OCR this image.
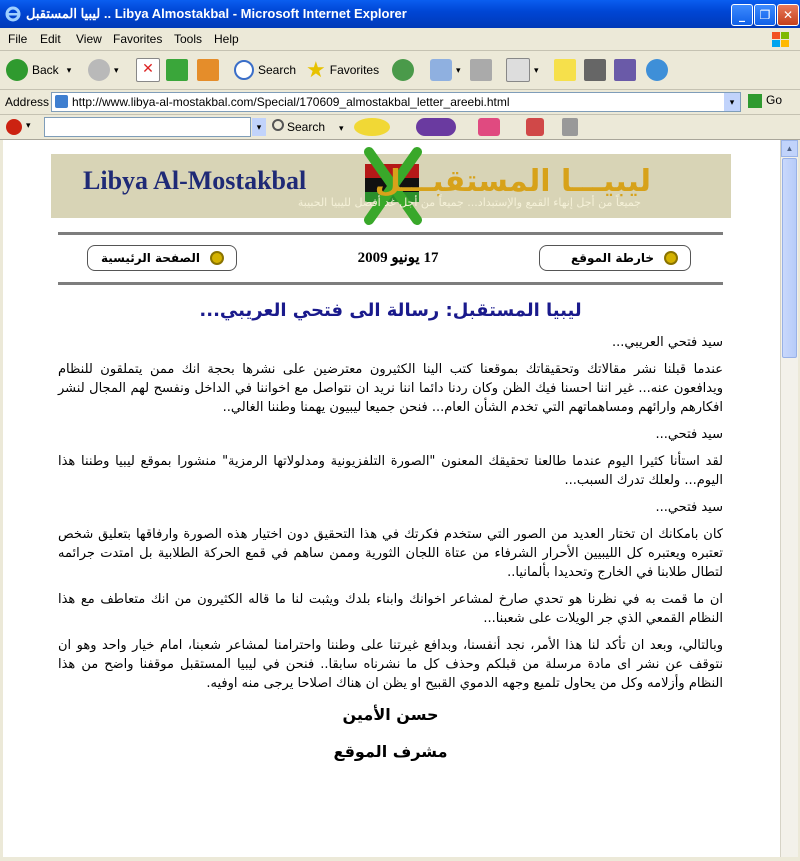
ليبيا المستقبل .. Libya Almostakbal - Microsoft Internet Explorer	_	❐	✕
File Edit View Favorites Tools Help
Back ▾	▾	✕	Search ★ Favorites	▾	▾
Address http://www.libya-al-mostakbal.com/Special/170609_almostakbal_letter_areebi.html	▾	Go
▾	▾	Search ▾
Libya Al-Mostakbal ليبيـــا المستقبـــل
جميعاً من أجل إنهاء القمع والإستبداد... جميعاً من أجل غد أفضل لليبيا الحبيبة
الصفحة الرئيسية	17 يونيو 2009	خارطة الموقع
ليبيا المستقبل: رسالة الى فتحي العريبي...

سيد فتحي العريبي...

عندما قبلنا نشر مقالاتك وتحقيقاتك بموقعنا كتب الينا الكثيرون معترضين على نشرها بحجة انك ممن يتملقون للنظام ويدافعون عنه... غير اننا احسنا فيك الظن وكان ردنا دائما اننا نريد ان نتواصل مع اخواننا في الداخل ونفسح لهم المجال لنشر افكارهم وارائهم ومساهماتهم التي تخدم الشأن العام... فنحن جميعا ليبيون يهمنا وطننا الغالي..

سيد فتحي...

لقد استأنا كثيرا اليوم عندما طالعنا تحقيقك المعنون "الصورة التلفزيونية ومدلولاتها الرمزية" منشورا بموقع ليبيا وطننا هذا اليوم... ولعلك تدرك السبب...

سيد فتحي...

كان بامكانك ان تختار العديد من الصور التي ستخدم فكرتك في هذا التحقيق دون اختيار هذه الصورة وارفاقها بتعليق شخص تعتبره ويعتبره كل الليبيين الأحرار الشرفاء من عتاة اللجان الثورية وممن ساهم في قمع الحركة الطلابية بل امتدت جرائمه لتطال طلابنا في الخارج وتحديدا بألمانيا..

ان ما قمت به في نظرنا هو تحدي صارخ لمشاعر اخوانك وابناء بلدك ويثبت لنا ما قاله الكثيرون من انك متعاطف مع هذا النظام القمعي الذي جر الويلات على شعبنا...

وبالتالي، وبعد ان تأكد لنا هذا الأمر، نجد أنفسنا، وبدافع غيرتنا على وطننا واحترامنا لمشاعر شعبنا، امام خيار واحد وهو ان نتوقف عن نشر اى مادة مرسلة من قبلكم وحذف كل ما نشرناه سابقا.. فنحن في ليبيا المستقبل موقفنا واضح من هذا النظام وأزلامه وكل من يحاول تلميع وجهه الدموي القبيح او يظن ان هناك اصلاحا يرجى منه اوفيه.

حسن الأمين
مشرف الموقع
▲
